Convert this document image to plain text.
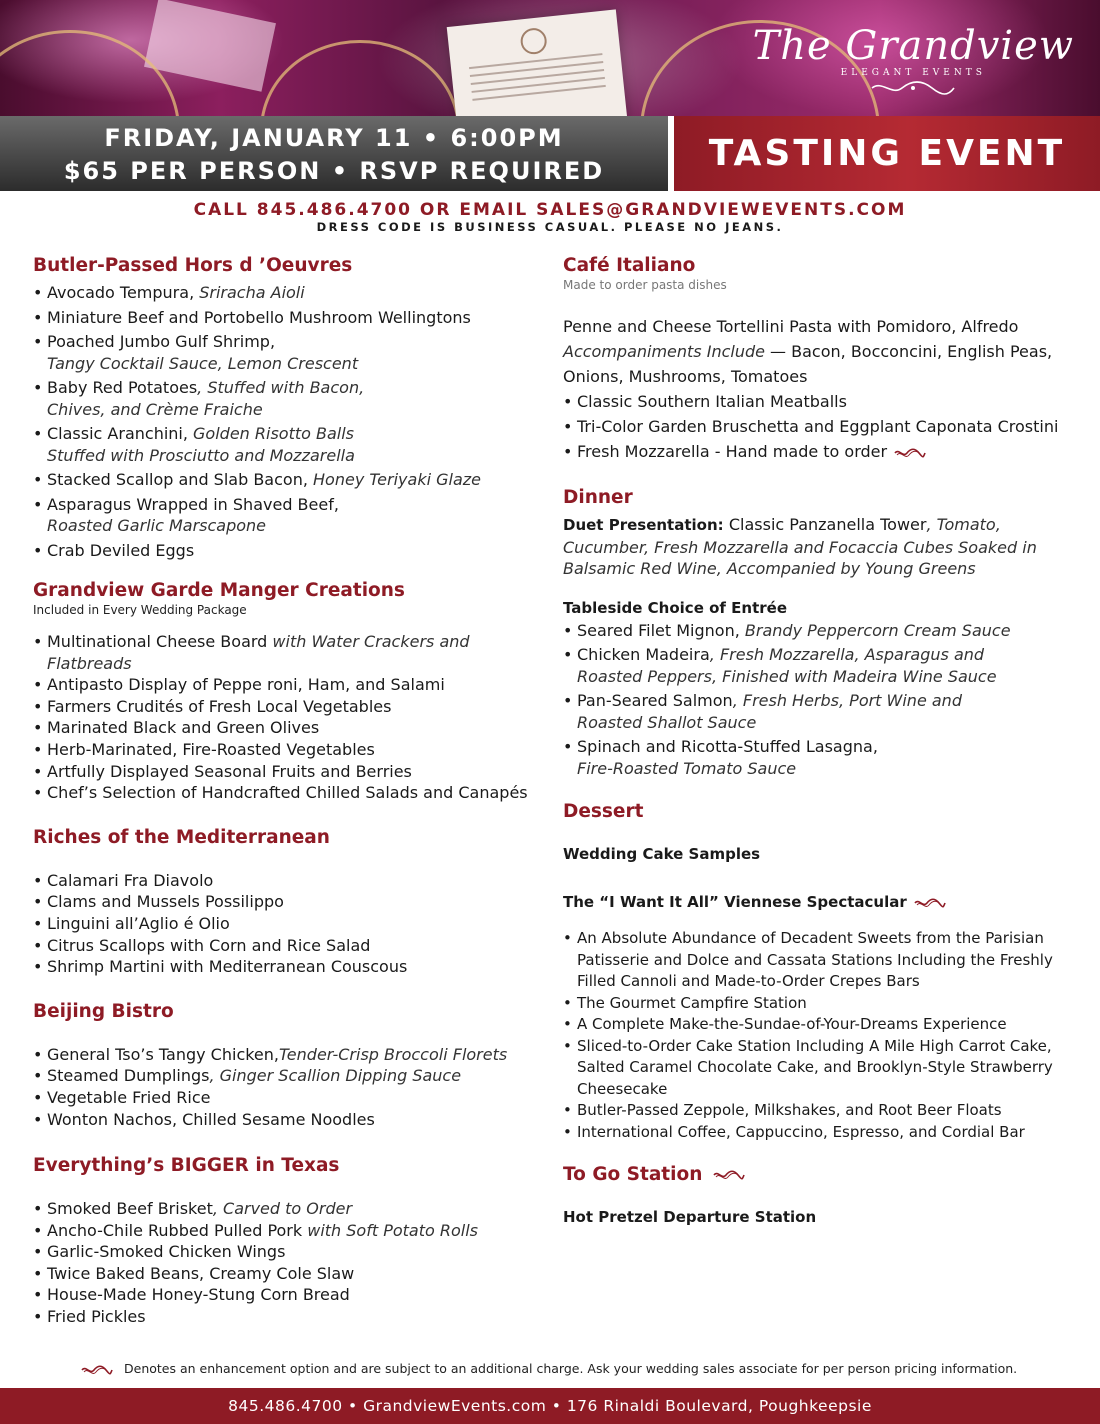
The Grandview
ELEGANT EVENTS
FRIDAY, JANUARY 11 • 6:00PM
$65 PER PERSON • RSVP REQUIRED	TASTING EVENT
CALL 845.486.4700 OR EMAIL SALES@GRANDVIEWEVENTS.COM
DRESS CODE IS BUSINESS CASUAL. PLEASE NO JEANS.
Butler-Passed Hors d ’Oeuvres
• Avocado Tempura, Sriracha Aioli
• Miniature Beef and Portobello Mushroom Wellingtons
• Poached Jumbo Gulf Shrimp,
Tangy Cocktail Sauce, Lemon Crescent
• Baby Red Potatoes, Stuffed with Bacon,
Chives, and Crème Fraiche
• Classic Aranchini, Golden Risotto Balls
Stuffed with Prosciutto and Mozzarella
• Stacked Scallop and Slab Bacon, Honey Teriyaki Glaze
• Asparagus Wrapped in Shaved Beef,
Roasted Garlic Marscapone
• Crab Deviled Eggs
Grandview Garde Manger Creations
Included in Every Wedding Package
• Multinational Cheese Board with Water Crackers and Flatbreads
• Antipasto Display of Peppe roni, Ham, and Salami
• Farmers Crudités of Fresh Local Vegetables
• Marinated Black and Green Olives
• Herb-Marinated, Fire-Roasted Vegetables
• Artfully Displayed Seasonal Fruits and Berries
• Chef’s Selection of Handcrafted Chilled Salads and Canapés
Riches of the Mediterranean
• Calamari Fra Diavolo
• Clams and Mussels Possilippo
• Linguini all’Aglio é Olio
• Citrus Scallops with Corn and Rice Salad
• Shrimp Martini with Mediterranean Couscous
Beijing Bistro
• General Tso’s Tangy Chicken,Tender-Crisp Broccoli Florets
• Steamed Dumplings, Ginger Scallion Dipping Sauce
• Vegetable Fried Rice
• Wonton Nachos, Chilled Sesame Noodles
Everything’s BIGGER in Texas
• Smoked Beef Brisket, Carved to Order
• Ancho-Chile Rubbed Pulled Pork with Soft Potato Rolls
• Garlic-Smoked Chicken Wings
• Twice Baked Beans, Creamy Cole Slaw
• House-Made Honey-Stung Corn Bread
• Fried Pickles
Café Italiano
Made to order pasta dishes
Penne and Cheese Tortellini Pasta with Pomidoro, Alfredo
Accompaniments Include — Bacon, Bocconcini, English Peas, Onions, Mushrooms, Tomatoes
• Classic Southern Italian Meatballs
• Tri-Color Garden Bruschetta and Eggplant Caponata Crostini
• Fresh Mozzarella - Hand made to order
Dinner
Duet Presentation: Classic Panzanella Tower, Tomato, Cucumber, Fresh Mozzarella and Focaccia Cubes Soaked in Balsamic Red Wine, Accompanied by Young Greens
Tableside Choice of Entrée
• Seared Filet Mignon, Brandy Peppercorn Cream Sauce
• Chicken Madeira, Fresh Mozzarella, Asparagus and
Roasted Peppers, Finished with Madeira Wine Sauce
• Pan-Seared Salmon, Fresh Herbs, Port Wine and
Roasted Shallot Sauce
• Spinach and Ricotta-Stuffed Lasagna,
Fire-Roasted Tomato Sauce
Dessert
Wedding Cake Samples
The “I Want It All” Viennese Spectacular
• An Absolute Abundance of Decadent Sweets from the Parisian Patisserie and Dolce and Cassata Stations Including the Freshly Filled Cannoli and Made-to-Order Crepes Bars
• The Gourmet Campfire Station
• A Complete Make-the-Sundae-of-Your-Dreams Experience
• Sliced-to-Order Cake Station Including A Mile High Carrot Cake, Salted Caramel Chocolate Cake, and Brooklyn-Style Strawberry Cheesecake
• Butler-Passed Zeppole, Milkshakes, and Root Beer Floats
• International Coffee, Cappuccino, Espresso, and Cordial Bar
To Go Station
Hot Pretzel Departure Station
Denotes an enhancement option and are subject to an additional charge. Ask your wedding sales associate for per person pricing information.
845.486.4700 • GrandviewEvents.com • 176 Rinaldi Boulevard, Poughkeepsie
